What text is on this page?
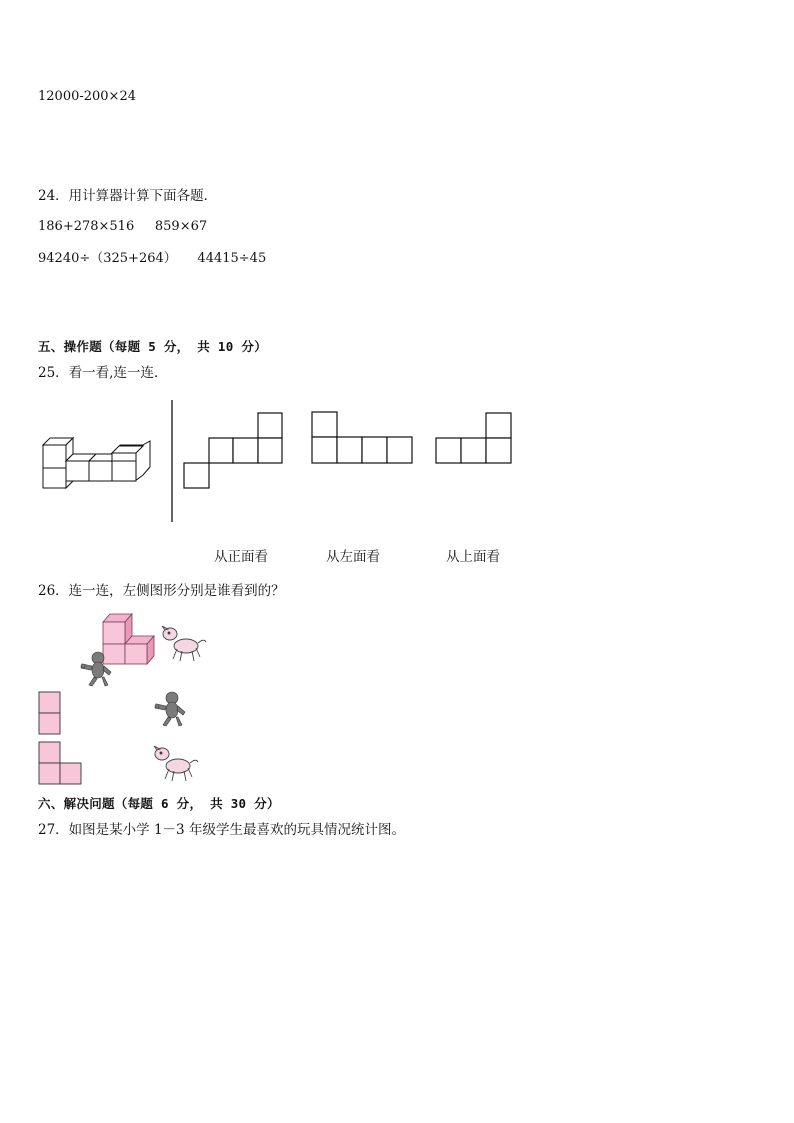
12000-200×24
24．用计算器计算下面各题．
186+278×516     859×67
94240÷（325+264）     44415÷45
五、操作题（每题 5 分， 共 10 分）
25．看一看,连一连．
从正面看	从左面看	从上面看
26．连一连，左侧图形分别是谁看到的？
六、解决问题（每题 6 分， 共 30 分）
27．如图是某小学 1－3 年级学生最喜欢的玩具情况统计图。
